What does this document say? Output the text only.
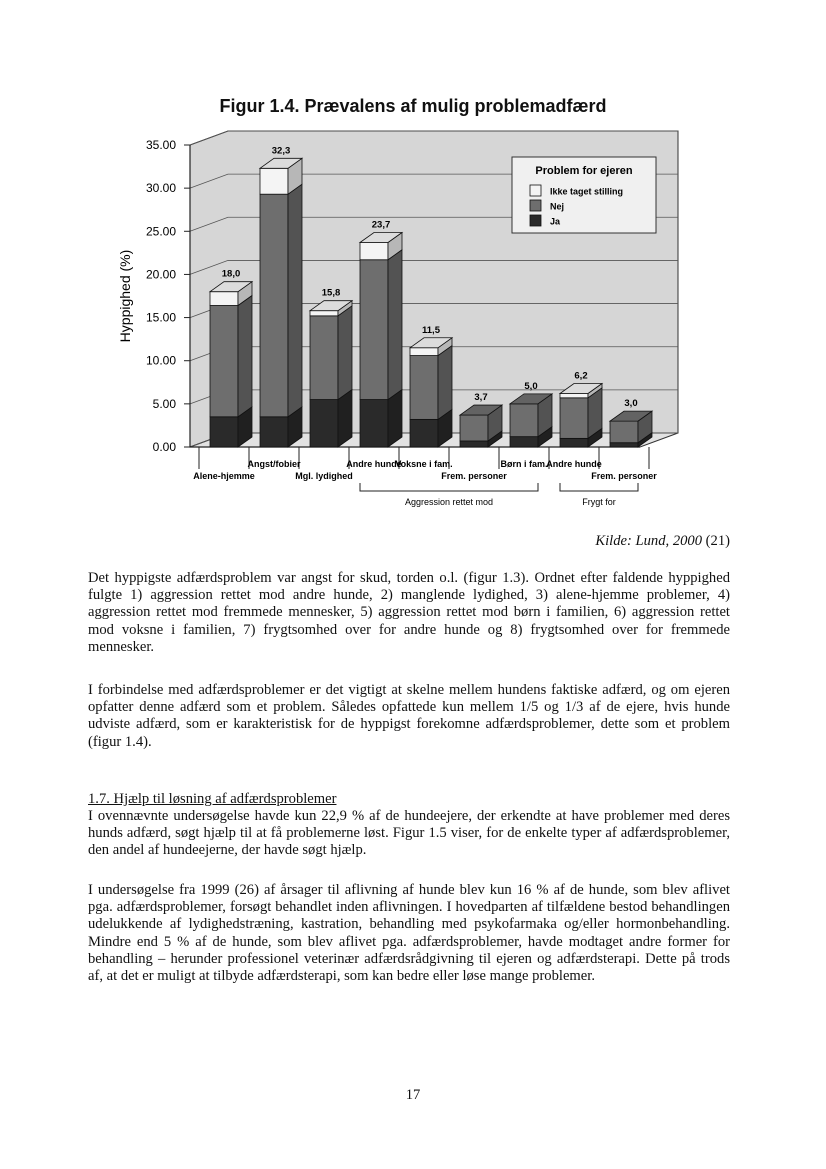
Figur 1.4. Prævalens af mulig problemadfærd
0.00
5.00
10.00
15.00
20.00
25.00
30.00
35.00
Hyppighed (%)	18,0
Alene-hjemme
32,3
Angst/fobier
15,8
Mgl. lydighed
23,7
Andre hunde
11,5
Voksne i fam.
3,7
Frem. personer
5,0
Børn i fam.
6,2
Andre hunde
3,0
Frem. personer
Aggression rettet mod	Frygt for
Problem for ejeren
Ikke taget stilling
Nej
Ja
Kilde: Lund, 2000 (21)
Det hyppigste adfærdsproblem var angst for skud, torden o.l. (figur 1.3). Ordnet efter faldende hyppighed fulgte 1) aggression rettet mod andre hunde, 2) manglende lydighed, 3) alene-hjemme problemer, 4) aggression rettet mod fremmede mennesker, 5) aggression rettet mod børn i familien, 6) aggression rettet mod voksne i familien, 7) frygtsomhed over for andre hunde og 8) frygtsomhed over for fremmede mennesker.
I forbindelse med adfærdsproblemer er det vigtigt at skelne mellem hundens faktiske adfærd, og om ejeren opfatter denne adfærd som et problem. Således opfattede kun mellem 1/5 og 1/3 af de ejere, hvis hunde udviste adfærd, som er karakteristisk for de hyppigst forekomne adfærdsproblemer, dette som et problem (figur 1.4).
1.7. Hjælp til løsning af adfærdsproblemer
I ovennævnte undersøgelse havde kun 22,9 % af de hundeejere, der erkendte at have problemer med deres hunds adfærd, søgt hjælp til at få problemerne løst. Figur 1.5 viser, for de enkelte typer af adfærdsproblemer, den andel af hundeejerne, der havde søgt hjælp.
I undersøgelse fra 1999 (26) af årsager til aflivning af hunde blev kun 16 % af de hunde, som blev aflivet pga. adfærdsproblemer, forsøgt behandlet inden aflivningen. I hovedparten af tilfældene bestod behandlingen udelukkende af lydighedstræning, kastration, behandling med psykofarmaka og/eller hormonbehandling. Mindre end 5 % af de hunde, som blev aflivet pga. adfærdsproblemer, havde modtaget andre former for behandling – herunder professionel veterinær adfærdsrådgivning til ejeren og adfærdsterapi. Dette på trods af, at det er muligt at tilbyde adfærdsterapi, som kan bedre eller løse mange problemer.
17
